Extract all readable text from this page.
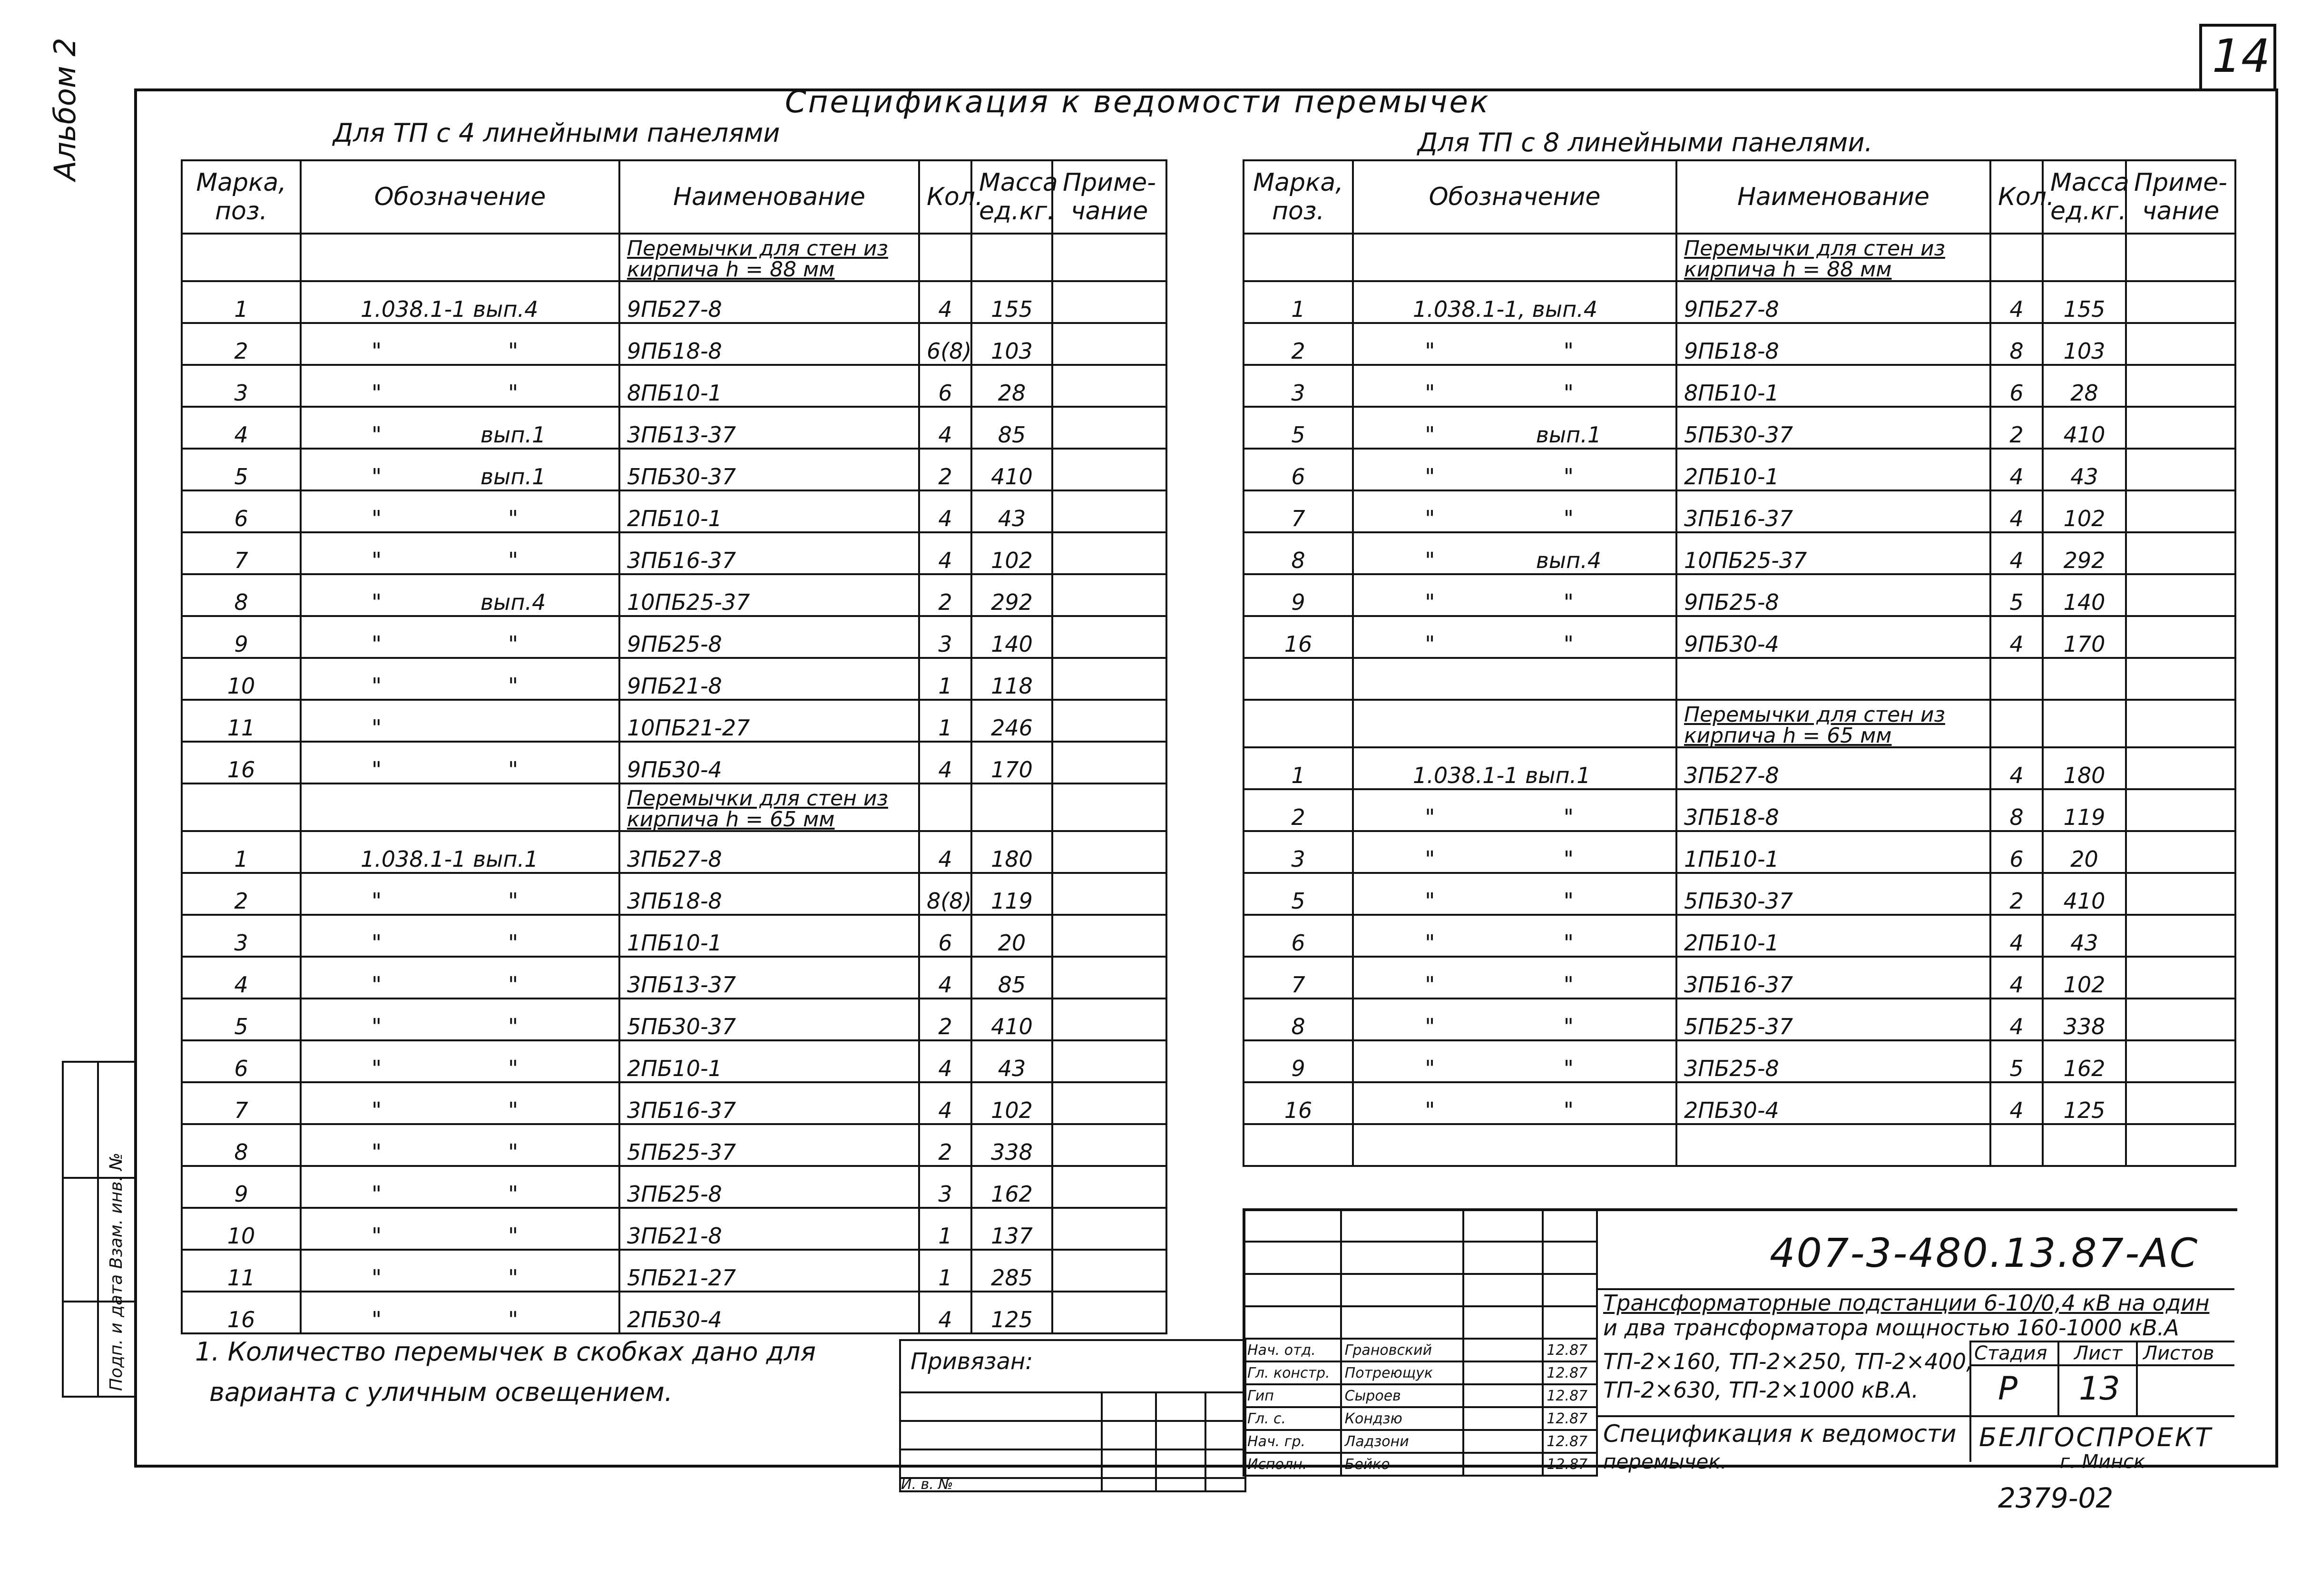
14
Альбом 2
Подп. и дата Взам. инв. №
Спецификация к ведомости перемычек
Для ТП с 4 линейными панелями	Для ТП с 8 линейными панелями.
Марка, поз.	Обозначение	Наименование	Кол.	Масса ед.кг.	Приме- чание
		Перемычки для стен из кирпича h = 88 мм			
1	1.038.1-1 вып.4	9ПБ27-8	4	155	
2	" "	9ПБ18-8	6(8)	103	
3	" "	8ПБ10-1	6	28	
4	" вып.1	3ПБ13-37	4	85	
5	" вып.1	5ПБ30-37	2	410	
6	" "	2ПБ10-1	4	43	
7	" "	3ПБ16-37	4	102	
8	" вып.4	10ПБ25-37	2	292	
9	" "	9ПБ25-8	3	140	
10	" "	9ПБ21-8	1	118	
11	"	10ПБ21-27	1	246	
16	" "	9ПБ30-4	4	170	
		Перемычки для стен из кирпича h = 65 мм			
1	1.038.1-1 вып.1	3ПБ27-8	4	180	
2	" "	3ПБ18-8	8(8)	119	
3	" "	1ПБ10-1	6	20	
4	" "	3ПБ13-37	4	85	
5	" "	5ПБ30-37	2	410	
6	" "	2ПБ10-1	4	43	
7	" "	3ПБ16-37	4	102	
8	" "	5ПБ25-37	2	338	
9	" "	3ПБ25-8	3	162	
10	" "	3ПБ21-8	1	137	
11	" "	5ПБ21-27	1	285	
16	" "	2ПБ30-4	4	125	
Марка, поз.	Обозначение	Наименование	Кол.	Масса ед.кг.	Приме- чание
		Перемычки для стен из кирпича h = 88 мм			
1	1.038.1-1, вып.4	9ПБ27-8	4	155	
2	" "	9ПБ18-8	8	103	
3	" "	8ПБ10-1	6	28	
5	" вып.1	5ПБ30-37	2	410	
6	" "	2ПБ10-1	4	43	
7	" "	3ПБ16-37	4	102	
8	" вып.4	10ПБ25-37	4	292	
9	" "	9ПБ25-8	5	140	
16	" "	9ПБ30-4	4	170	

		Перемычки для стен из кирпича h = 65 мм			
1	1.038.1-1 вып.1	3ПБ27-8	4	180	
2	" "	3ПБ18-8	8	119	
3	" "	1ПБ10-1	6	20	
5	" "	5ПБ30-37	2	410	
6	" "	2ПБ10-1	4	43	
7	" "	3ПБ16-37	4	102	
8	" "	5ПБ25-37	4	338	
9	" "	3ПБ25-8	5	162	
16	" "	2ПБ30-4	4	125	

1. Количество перемычек в скобках дано для
варианта с уличным освещением.
Привязан:			

И. в. №			

Нач. отд.	Грановский		12.87
Гл. констр.	Потреющук		12.87
Гип	Сыроев		12.87
Гл. с.	Кондзю		12.87
Нач. гр.	Ладзони		12.87
Исполн.	Бейко		12.87
407-3-480.13.87-АС
Трансформаторные подстанции 6-10/0,4 кВ на один
и два трансформатора мощностью 160-1000 кВ.А
ТП-2×160, ТП-2×250, ТП-2×400,
ТП-2×630, ТП-2×1000 кВ.А.
Спецификация к ведомости
перемычек.
Стадия Лист Листов
Р 13
БЕЛГОСПРОЕКТ
г. Минск
2379-02
